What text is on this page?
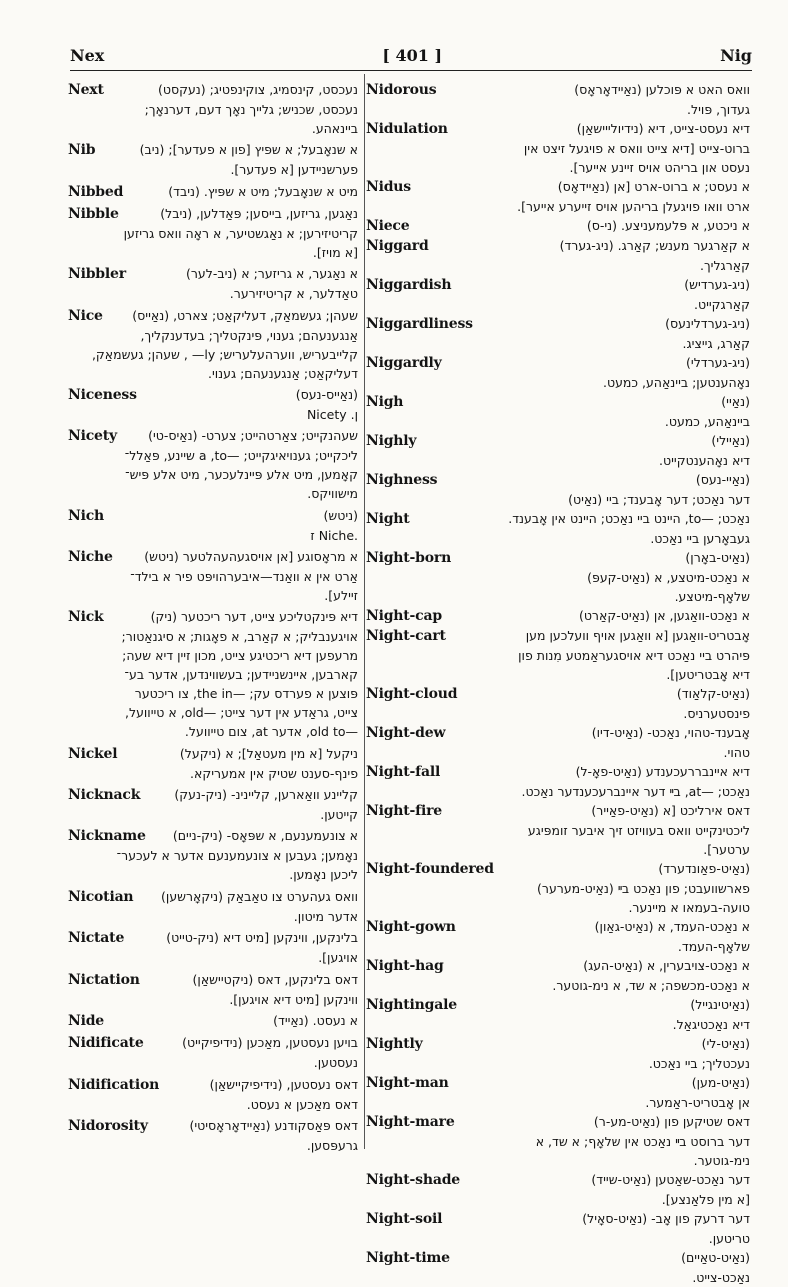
Nex	[ 401 ]	Nig
Next	נעכסט, קינסמיג, צוקינפטיג; (נעקסט)
נעכסט, שכניש; גלייך נאָך דעם, דערנאָך;
ביינאהע.
Nib	א שנאָבעל; א שפּיץ [פון א פעדער]; (ניב)
פערשניידען [א פעדער].
Nibbed	מיט א שנאָבעל; מיט א שפּיץ. (ניבד)
Nibble	נאַגען, גריזען, בייסען; פּאַדלען, (ניבל)
קריטיזירען; א נאַגשטיער, א ראָה וואס גריזען
[א מויז].
Nibbler	א נאַגער, א גריזער; א (ניב-לער)
טאַדלער, א קריטיזירער.
Nice	שעהן; געשמאַק, דעליקאַט; צארט, (נאַייס)
אַנגענעהם; גענוי, פּינקטליך; בעדענקליך,
קלייבעריש, ווערהעלעריש; ly— , שעהן; געשמאַק,
דעליקאַט; אַנגענעהם; גענוי.
Niceness	(נאַייס-נעס)
ן. Nicety
Nicety	שעהנקייט; צאַרטהייט; צערט- (נאַיס-טי)
ליכקייט; גענויאיגקייט; —a ,to שיינע, פּאַלל־
קאָמען, מיט אלע פּיינלעכער, מיט אלע פּיש־
מישוויקס.
Nich	(ניטש)
.Niche ז
Niche	א מראָסוגע [אן אויסגעהעהלטער (ניטש)
אַרט אין א וואַנד—איבערהויפּט פיר א בילד־
זיילע].
Nick	דיא פּינקטליכע צייט, דער ריכטער (ניק)
אויגענבליק; א קאַרב, א פאָגות; א סיגנאַטור;
מרעפען דיא ריכטיגע צייט, מכון זיין דיא שעה;
קארבען, איינשניידען; בעשווינדען, אדער בע־
פּוצען א פערדס עק; —the in, צו ריכטער
צייט, גראַדע אין דער צייט; —old, א טייוועל,
—old to, אדער at, צום טייוועל.
Nickel	ניקעל [א מין מעטאַל]; א (ניקעל)
פינף-סענט שטיק אין אמעריקא.
Nicknack	קליינע וואַארען, קליינינ- (ניק-נעק)
קייטען.
Nickname	א צונעמענעם, א שפּאָס- (ניק-ניים)
נאָמען; געבען א צונעמענעם אדער א לעכער־
ליכען נאָמען.
Nicotian	וואס געהערט צו טאַבאַק (ניקאָרשען)
אדער מיטון.
Nictate	בלינקען, ווינקען [מיט דיא (ניק-טייט)
אויגען].
Nictation	דאס בלינקען, דאס (ניקטיישאַן)
ווינקען [מיט דיא אויגען].
Nide	א נעסט. (נאַייד)
Nidificate	בויען נעסטען, מאַכען (נידיפיקייט)
נעסטען.
Nidification	דאס נעסטען, (נידיפיקיישאַן)
דאס מאַכען א נעסט.
Nidorosity	דאס פּאַסקודנע (נאַיידאָראָסיטי)
גרעפּסען.
Nidorous	וואס האט א פּוכלען (נאַיידאָראָס)
געדוך, פּויל.
Nidulation	דיא נעסט-צייט, דיא (נידיולייישאַן)
ברוט-צייט [דיא צייט וואס א פויגעל זיצט אין
נעסט און בריהט אויס זיינע אייער].
Nidus	א נעסט; א ברוט-ארט [אן (נאַיידאָס)
ארט וואו פויגעלן בריהען אויס זייערע אייער].
Niece	א ניכטע, א פּלעמעניצע. (ני-ס)
Niggard	א קאַרגער מענש; קאַרג. (ניג-גערד)
קאַרגליך.
Niggardish	(ניג-גערדיש)
קאַרגקייט.
Niggardliness	(ניג-גערדלינעס)
קאַרג, גייציג.
Niggardly	(ניג-גערדלי)
נאָהענטען; ביינאַהע, כמעט.
Nigh	(נאַיי)
ביינאַהע, כמעט.
Nighly	(נאַיילי)
דיא נאָהענטקייט.
Nighness	(נאַיי-נעס)
דער נאַכט; דער אָבענד; ביי (נאַיט)
Night	נאַכט; —to, היינט ביי נאַכט; היינט אין אָבענד.
געבאָרען ביי נאַכט.
Night-born	(נאַיט-באָרן)
א נאַכט-מיטצע, א (נאַיט-קעפּ)
שלאָף-מיטצע.
Night-cap	א נאַכט-וואַגען, אן (נאַיט-קאַרט)
Night-cart	אָבטריט-וואַגען [א וואַגען אויף וועלכען מען
פּיהרט ביי נאַכט דיא אויסגעראַמטע מִנות פון
דיא אָבטריטען].
Night-cloud	(נאַיט-קלאַוד)
פינסטערניס.
Night-dew	אָבענד-טהוי, נאַכט- (נאַיט-דיו)
טהוי.
Night-fall	דיא איינבררעכענדע (נאַיט-פאָ-ל)
נאַכט; —at, בײ דער איינברעכענדער נאַכט.
Night-fire	דאס אירליכט [א (נאַיט-פאַייר)
ליכטינקייט וואס בעוויזט זיך איבער זומפּיגע
ערטער].
Night-foundered	(נאַיט-פאַונדערד)
פארשוועבט; פון נאַכט בײ (נאַיט-מערער)
טועה-בעמאו א מיינער.
Night-gown	א נאַכט-העמד, א (נאַיט-גאַון)
שלאָף-העמד.
Night-hag	א נאַכט-צויבערין, א (נאַיט-העג)
א נאַכט-מכשפה; א שד, א נימ-גוטער.
Nightingale	(נאַיטינגייל)
דיא נאַכטיגאַל.
Nightly	(נאַיט-לי)
נעכטליך; ביי נאַכט.
Night-man	(נאַיט-מען)
אן אָבטריט-ראַמער.
Night-mare	דאס שטיקען פון (נאַיט-מע-ר)
דער ברוסט בײ נאַכט אין שלאָף; א שד, א
נימ-גוטער.
Night-shade	דער נאַכט-שאַטען (נאַיט-שייד)
[א מין פלאַנצע].
Night-soil	דער דרעק פון אָב- (נאַיט-סאָיל)
טריטען.
Night-time	(נאַיט-טאַיים)
נאַכט-צייט.
